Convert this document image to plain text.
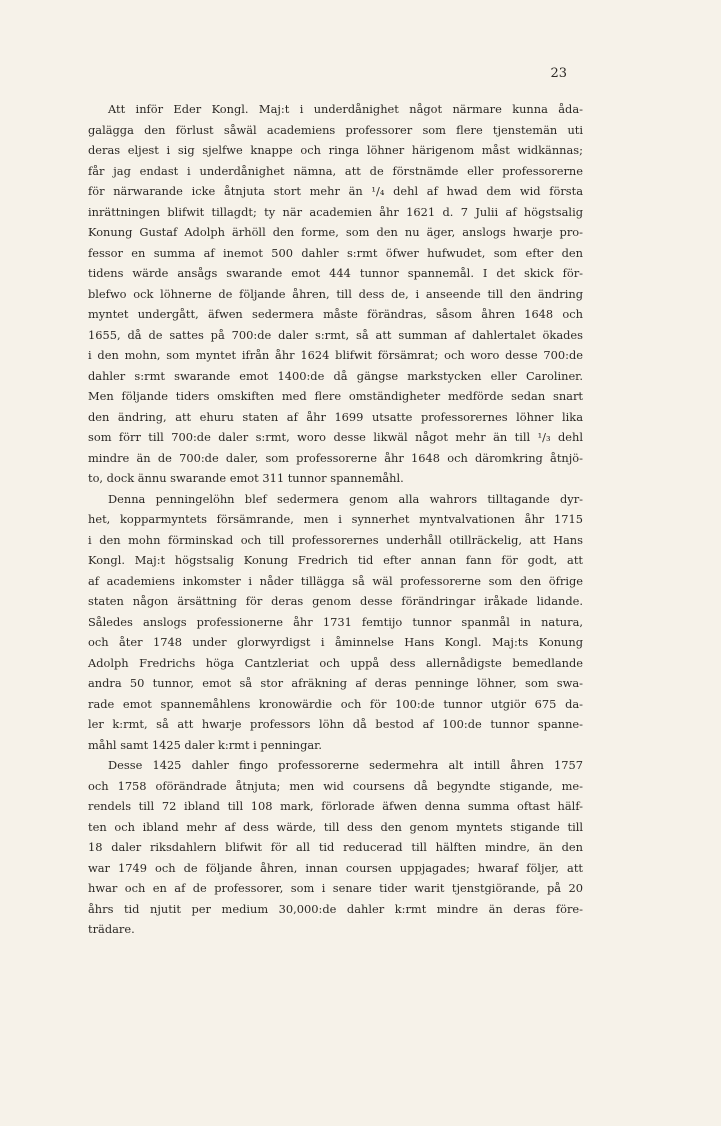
23
Att inför Eder Kongl. Maj:t i underdånighet något närmare kunna åda-
galägga den förlust såwäl academiens professorer som flere tjenstemän uti
deras eljest i sig sjelfwe knappe och ringa löhner härigenom måst widkännas;
får jag endast i underdånighet nämna, att de förstnämde eller professorerne
för närwarande icke åtnjuta stort mehr än ¹/₄ dehl af hwad dem wid första
inrättningen blifwit tillagdt; ty när academien åhr 1621 d. 7 Julii af högstsalig
Konung Gustaf Adolph ärhöll den forme, som den nu äger, anslogs hwarje pro-
fessor en summa af inemot 500 dahler s:rmt öfwer hufwudet, som efter den
tidens wärde ansågs swarande emot 444 tunnor spannemål. I det skick för-
blefwo ock löhnerne de följande åhren, till dess de, i anseende till den ändring
myntet undergått, äfwen sedermera måste förändras, såsom åhren 1648 och
1655, då de sattes på 700:de daler s:rmt, så att summan af dahlertalet ökades
i den mohn, som myntet ifrån åhr 1624 blifwit försämrat; och woro desse 700:de
dahler s:rmt swarande emot 1400:de då gängse markstycken eller Caroliner.
Men följande tiders omskiften med flere omständigheter medförde sedan snart
den ändring, att ehuru staten af åhr 1699 utsatte professorernes löhner lika
som förr till 700:de daler s:rmt, woro desse likwäl något mehr än till ¹/₃ dehl
mindre än de 700:de daler, som professorerne åhr 1648 och däromkring åtnjö-
to, dock ännu swarande emot 311 tunnor spannemåhl.
Denna penningelöhn blef sedermera genom alla wahrors tilltagande dyr-
het, kopparmyntets försämrande, men i synnerhet myntvalvationen åhr 1715
i den mohn förminskad och till professorernes underhåll otillräckelig, att Hans
Kongl. Maj:t högstsalig Konung Fredrich tid efter annan fann för godt, att
af academiens inkomster i nåder tillägga så wäl professorerne som den öfrige
staten någon ärsättning för deras genom desse förändringar iråkade lidande.
Således anslogs professionerne åhr 1731 femtijo tunnor spanmål in natura,
och åter 1748 under glorwyrdigst i åminnelse Hans Kongl. Maj:ts Konung
Adolph Fredrichs höga Cantzleriat och uppå dess allernådigste bemedlande
andra 50 tunnor, emot så stor afräkning af deras penninge löhner, som swa-
rade emot spannemåhlens kronowärdie och för 100:de tunnor utgiör 675 da-
ler k:rmt, så att hwarje professors löhn då bestod af 100:de tunnor spanne-
måhl samt 1425 daler k:rmt i penningar.
Desse 1425 dahler fingo professorerne sedermehra alt intill åhren 1757
och 1758 oförändrade åtnjuta; men wid coursens då begyndte stigande, me-
rendels till 72 ibland till 108 mark, förlorade äfwen denna summa oftast hälf-
ten och ibland mehr af dess wärde, till dess den genom myntets stigande till
18 daler riksdahlern blifwit för all tid reducerad till hälften mindre, än den
war 1749 och de följande åhren, innan coursen uppjagades; hwaraf följer, att
hwar och en af de professorer, som i senare tider warit tjenstgiörande, på 20
åhrs tid njutit per medium 30,000:de dahler k:rmt mindre än deras före-
trädare.
